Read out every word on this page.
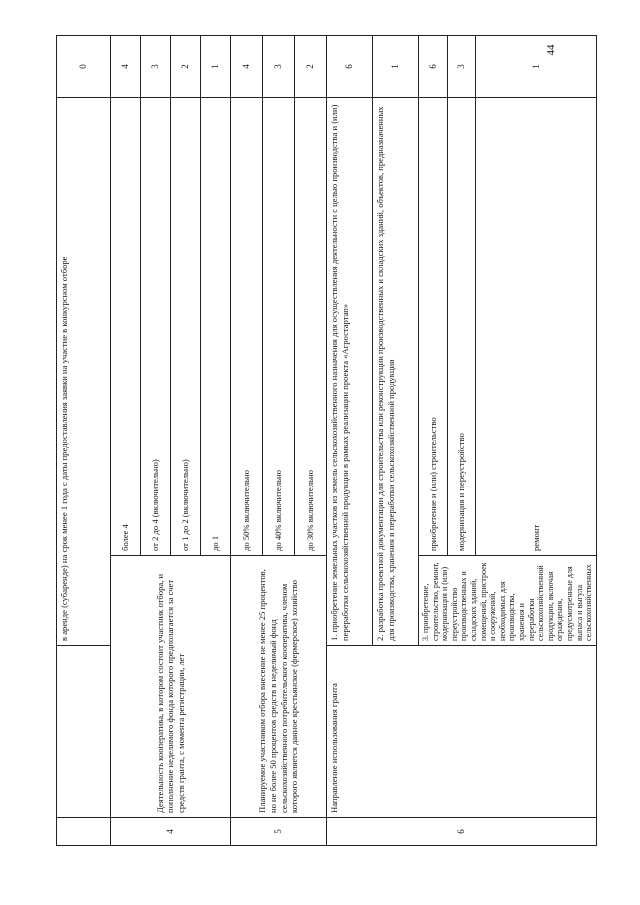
44
		в аренде (субаренде) на срок менее 1 года с даты предоставления заявки на участие в конкурсном отборе		0
4	Деятельность кооператива, в котором состоит участник отбора, и пополнение неделимого фонда которого предполагается за счет средств гранта, с момента регистрации, лет		более 4	4
			от 2 до 4 (включительно)	3
			от 1 до 2 (включительно)	2
			до 1	1
5	Планируемое участником отбора внесение не менее 25 процентов, но не более 50 процентов средств в неделимый фонд сельскохозяйственного потребительского кооператива, членом которого является данное крестьянское (фермерское) хозяйство		до 50% включительно	4
			до 40% включительно	3
			до 30% включительно	2
6	Направление использования гранта	1. приобретение земельных участков из земель сельскохозяйственного назначения для осуществления деятельности с целью производства и (или) переработки сельскохозяйственной продукции в рамках реализации проекта «Агростартап»		6
		2. разработка проектной документации для строительства или реконструкции производственных и складских зданий, объектов, предназначенных для производства, хранения и переработки сельскохозяйственной продукции		1
		3. приобретение, строительство, ремонт, модернизация и (или) переустройство производственных и складских зданий, помещений, пристроек и сооружений, необходимых для производства, хранения и переработки сельскохозяйственной продукции, включая ограждения, предусмотренные для выпаса и выгула сельскохозяйственных	приобретение и (или) строительство	6
			модернизация и переустройство	3
			ремонт	1
